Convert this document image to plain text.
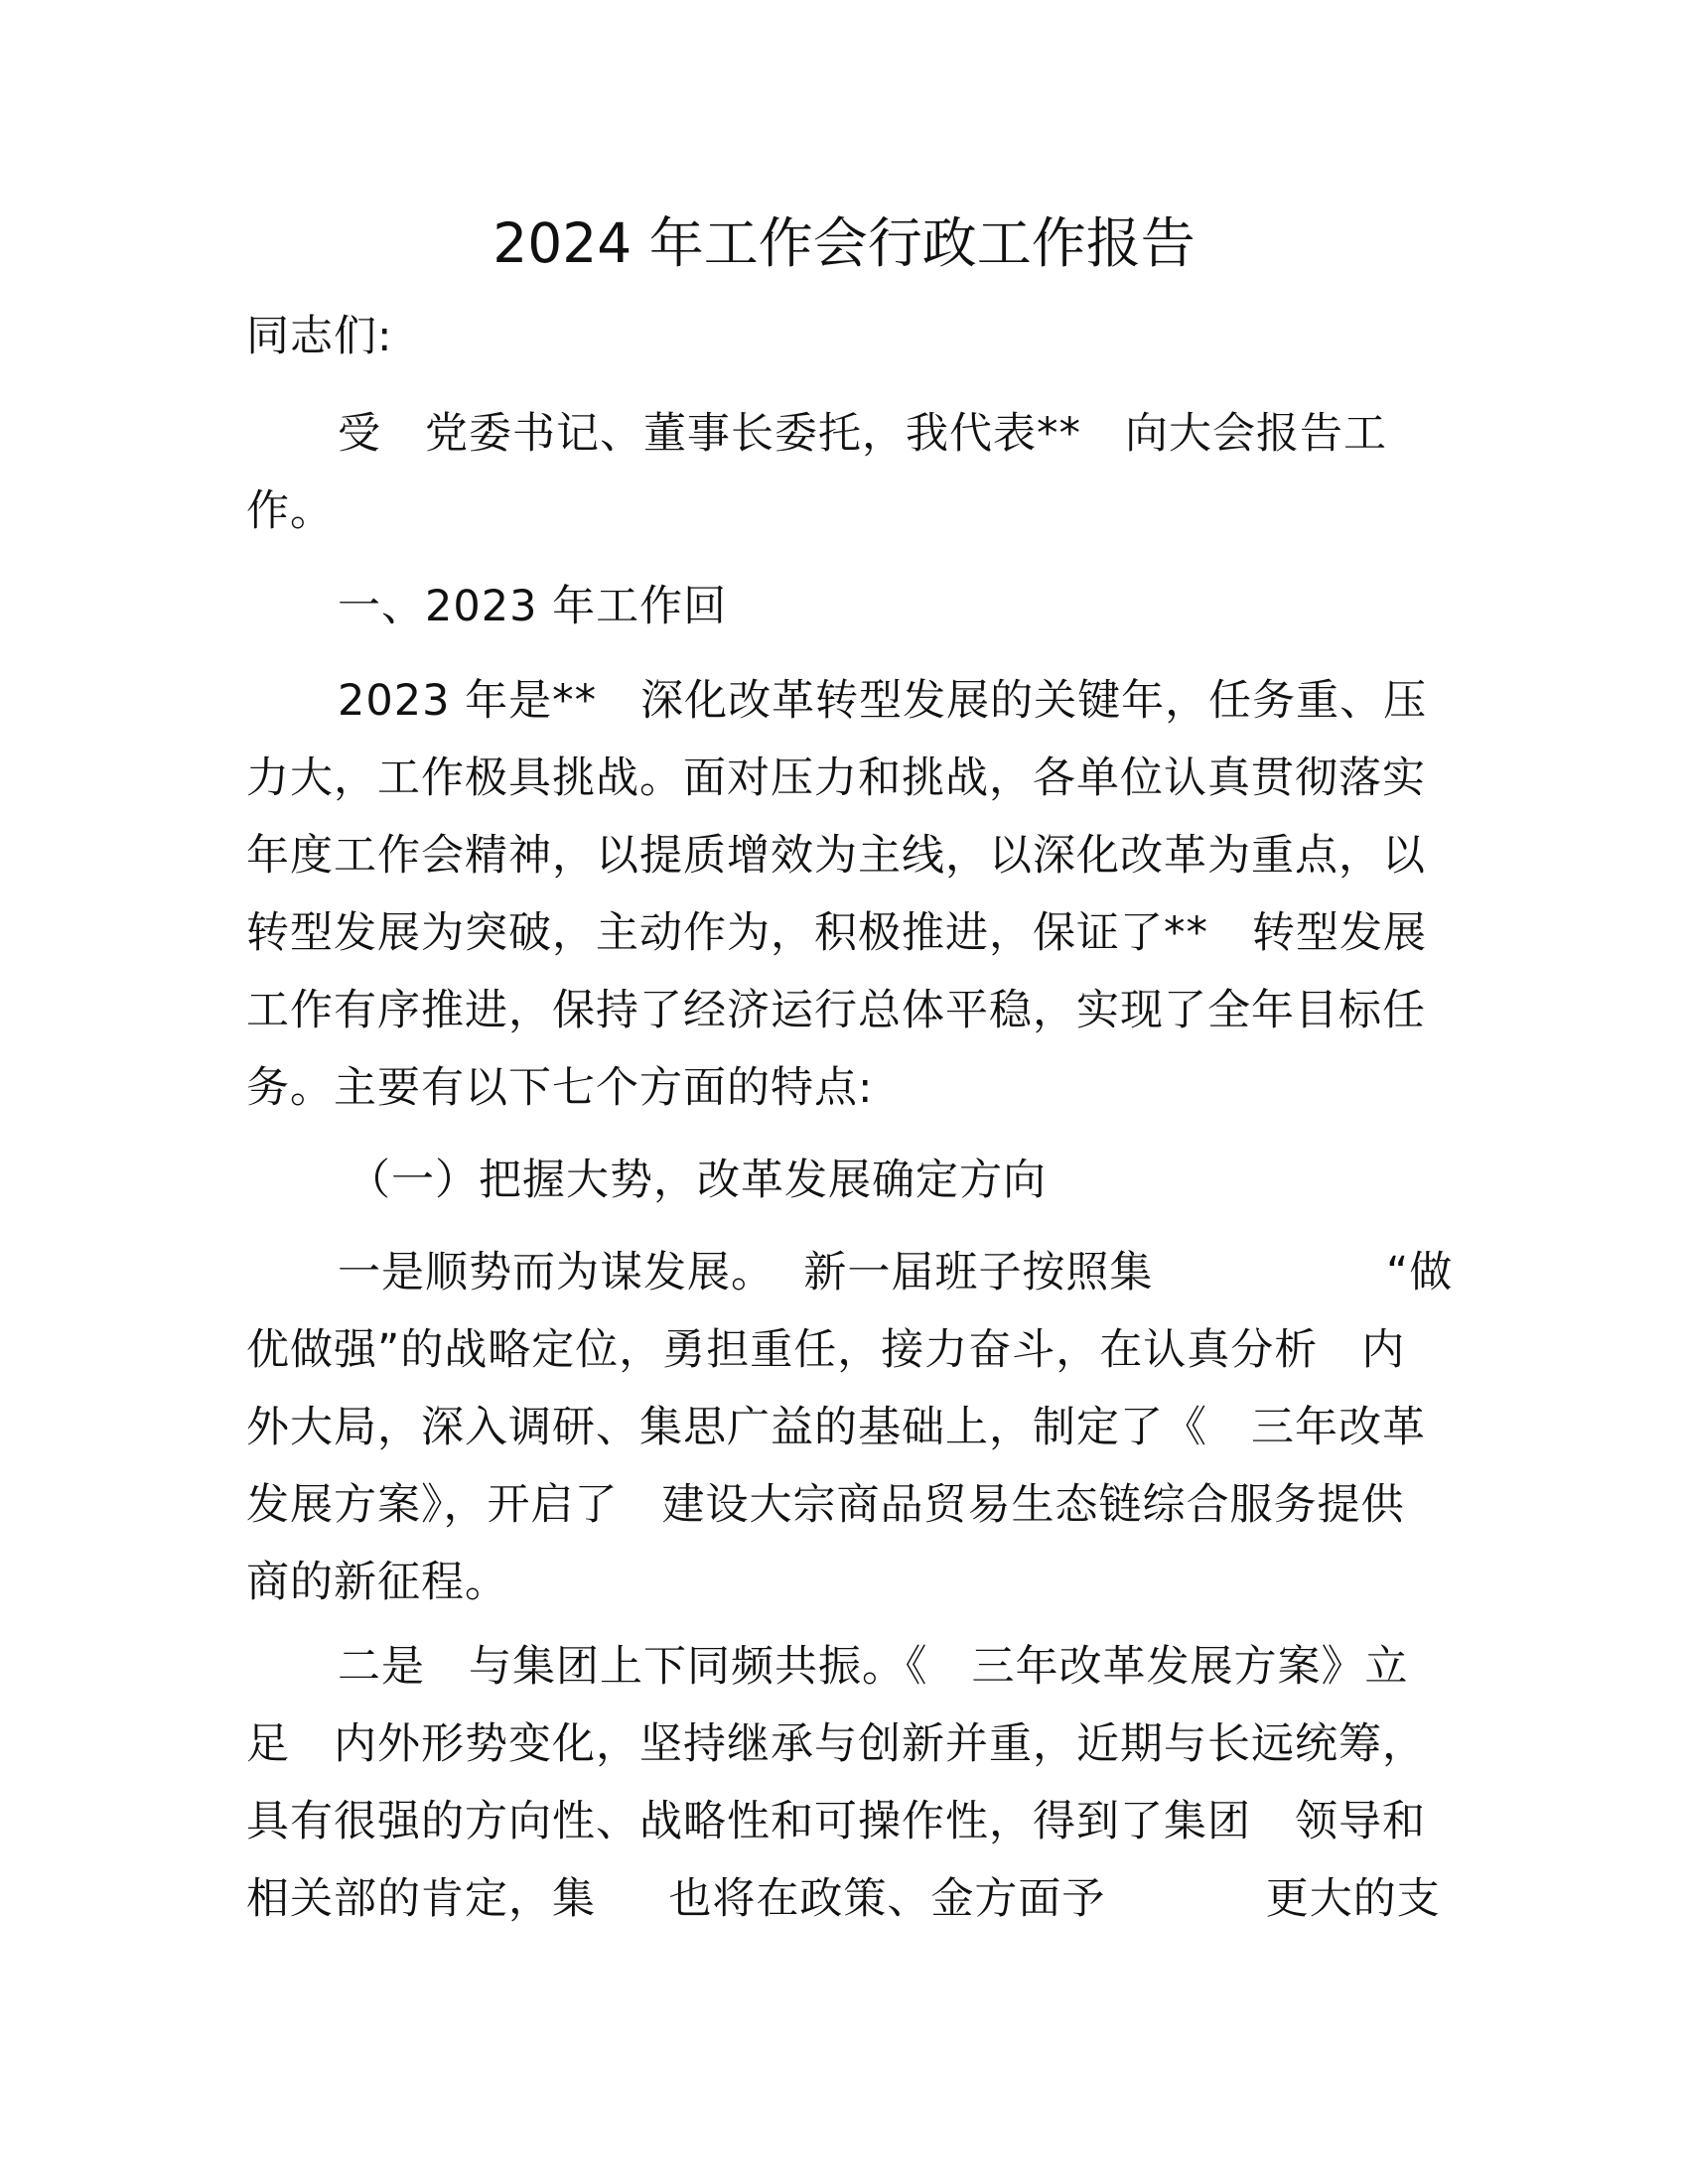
2024 年工作会行政工作报告

同志们:

受   党委书记、董事长委托，我代表**   向大会报告工
作。
一、2023 年工作回
2023 年是**   深化改革转型发展的关键年，任务重、压
力大，工作极具挑战。面对压力和挑战，各单位认真贯彻落实
年度工作会精神，以提质增效为主线，以深化改革为重点，以
转型发展为突破，主动作为，积极推进，保证了**   转型发展
工作有序推进，保持了经济运行总体平稳，实现了全年目标任
务。主要有以下七个方面的特点:
（一）把握大势，改革发展确定方向
一是顺势而为谋发展。  新一届班子按照集                “做
优做强”的战略定位，勇担重任，接力奋斗，在认真分析   内
外大局，深入调研、集思广益的基础上，制定了《   三年改革
发展方案》，开启了   建设大宗商品贸易生态链综合服务提供
商的新征程。
二是   与集团上下同频共振。《   三年改革发展方案》立
足   内外形势变化，坚持继承与创新并重，近期与长远统筹，
具有很强的方向性、战略性和可操作性，得到了集团   领导和
相关部的肯定，集     也将在政策、金方面予           更大的支
